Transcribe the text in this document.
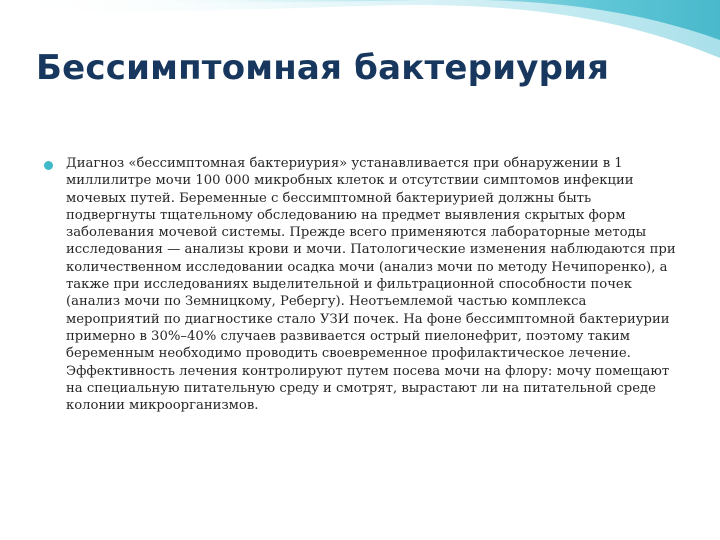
Бессимптомная бактериурия

Диагноз «бессимптомная бактериурия» устанавливается при обнаружении в 1 миллилитре мочи 100 000 микробных клеток и отсутствии симптомов инфекции мочевых путей. Беременные с бессимптомной бактериурией должны быть подвергнуты тщательному обследованию на предмет выявления скрытых форм заболевания мочевой системы. Прежде всего применяются лабораторные методы исследования — анализы крови и мочи. Патологические изменения наблюдаются при количественном исследовании осадка мочи (анализ мочи по методу Нечипоренко), а также при исследованиях выделительной и фильтрационной способности почек (анализ мочи по Земницкому, Ребергу). Неотъемлемой частью комплекса мероприятий по диагностике стало УЗИ почек. На фоне бессимптомной бактериурии примерно в 30%–40% случаев развивается острый пиелонефрит, поэтому таким беременным необходимо проводить своевременное профилактическое лечение. Эффективность лечения контролируют путем посева мочи на флору: мочу помещают на специальную питательную среду и смотрят, вырастают ли на питательной среде колонии микроорганизмов.
